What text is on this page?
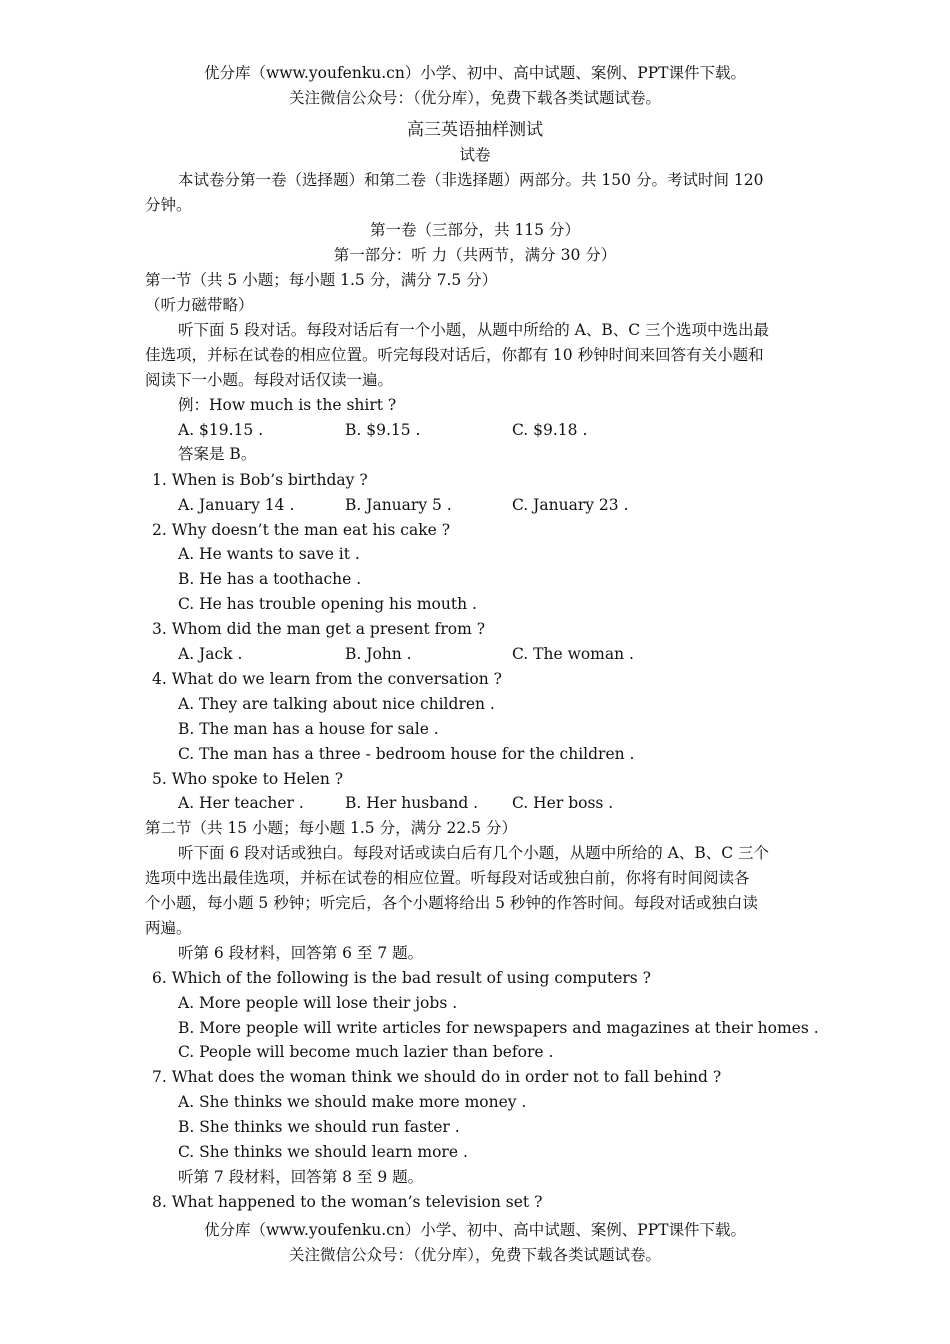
优分库（www.youfenku.cn）小学、初中、高中试题、案例、PPT课件下载。
关注微信公众号：（优分库），免费下载各类试题试卷。
高三英语抽样测试
试卷
本试卷分第一卷（选择题）和第二卷（非选择题）两部分。共 150 分。考试时间 120
分钟。
第一卷（三部分，共 115 分）
第一部分：听 力（共两节，满分 30 分）
第一节（共 5 小题；每小题 1.5 分，满分 7.5 分）
（听力磁带略）
听下面 5 段对话。每段对话后有一个小题，从题中所给的 A、B、C 三个选项中选出最
佳选项，并标在试卷的相应位置。听完每段对话后，你都有 10 秒钟时间来回答有关小题和
阅读下一小题。每段对话仅读一遍。
例：How much is the shirt ?
A. $19.15 .	B. $9.15 .	C. $9.18 .
答案是 B。
1. When is Bob’s birthday ?
A. January 14 .	B. January 5 .	C. January 23 .
2. Why doesn’t the man eat his cake ?
A. He wants to save it .
B. He has a toothache .
C. He has trouble opening his mouth .
3. Whom did the man get a present from ?
A. Jack .	B. John .	C. The woman .
4. What do we learn from the conversation ?
A. They are talking about nice children .
B. The man has a house for sale .
C. The man has a three - bedroom house for the children .
5. Who spoke to Helen ?
A. Her teacher .	B. Her husband . C. Her boss .
第二节（共 15 小题；每小题 1.5 分，满分 22.5 分）
听下面 6 段对话或独白。每段对话或读白后有几个小题，从题中所给的 A、B、C 三个
选项中选出最佳选项，并标在试卷的相应位置。听每段对话或独白前，你将有时间阅读各
个小题，每小题 5 秒钟；听完后，各个小题将给出 5 秒钟的作答时间。每段对话或独白读
两遍。
听第 6 段材料，回答第 6 至 7 题。
6. Which of the following is the bad result of using computers ?
A. More people will lose their jobs .
B. More people will write articles for newspapers and magazines at their homes .
C. People will become much lazier than before .
7. What does the woman think we should do in order not to fall behind ?
A. She thinks we should make more money .
B. She thinks we should run faster .
C. She thinks we should learn more .
听第 7 段材料，回答第 8 至 9 题。
8. What happened to the woman’s television set ?
优分库（www.youfenku.cn）小学、初中、高中试题、案例、PPT课件下载。
关注微信公众号：（优分库），免费下载各类试题试卷。
